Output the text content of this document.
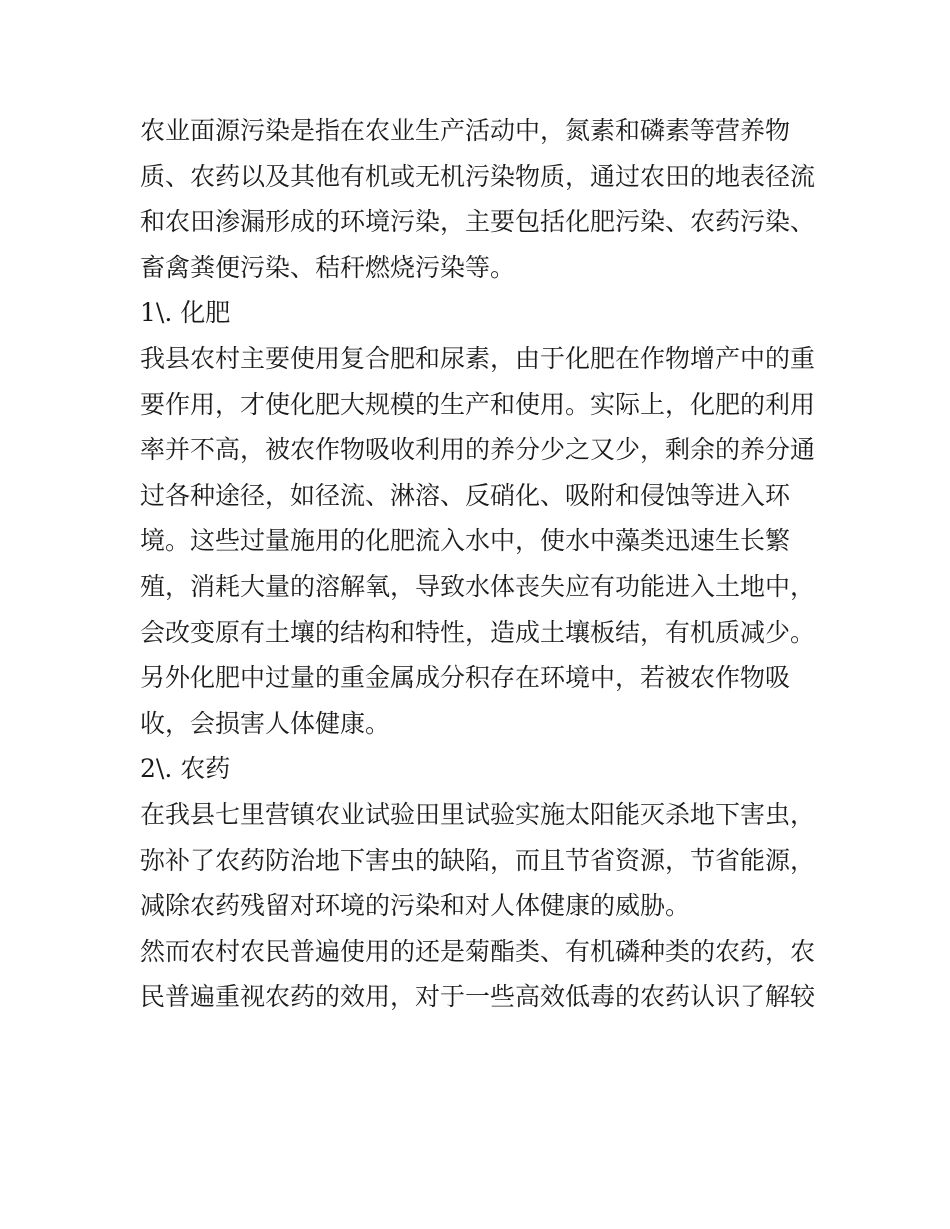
农业面源污染是指在农业生产活动中，氮素和磷素等营养物

质、农药以及其他有机或无机污染物质，通过农田的地表径流

和农田渗漏形成的环境污染，主要包括化肥污染、农药污染、

畜禽粪便污染、秸秆燃烧污染等。

1\. 化肥

我县农村主要使用复合肥和尿素，由于化肥在作物增产中的重

要作用，才使化肥大规模的生产和使用。实际上，化肥的利用

率并不高，被农作物吸收利用的养分少之又少，剩余的养分通

过各种途径，如径流、淋溶、反硝化、吸附和侵蚀等进入环

境。这些过量施用的化肥流入水中，使水中藻类迅速生长繁

殖，消耗大量的溶解氧，导致水体丧失应有功能进入土地中，

会改变原有土壤的结构和特性，造成土壤板结，有机质减少。

另外化肥中过量的重金属成分积存在环境中，若被农作物吸

收，会损害人体健康。

2\. 农药

在我县七里营镇农业试验田里试验实施太阳能灭杀地下害虫，

弥补了农药防治地下害虫的缺陷，而且节省资源，节省能源，

减除农药残留对环境的污染和对人体健康的威胁。

然而农村农民普遍使用的还是菊酯类、有机磷种类的农药，农

民普遍重视农药的效用，对于一些高效低毒的农药认识了解较
